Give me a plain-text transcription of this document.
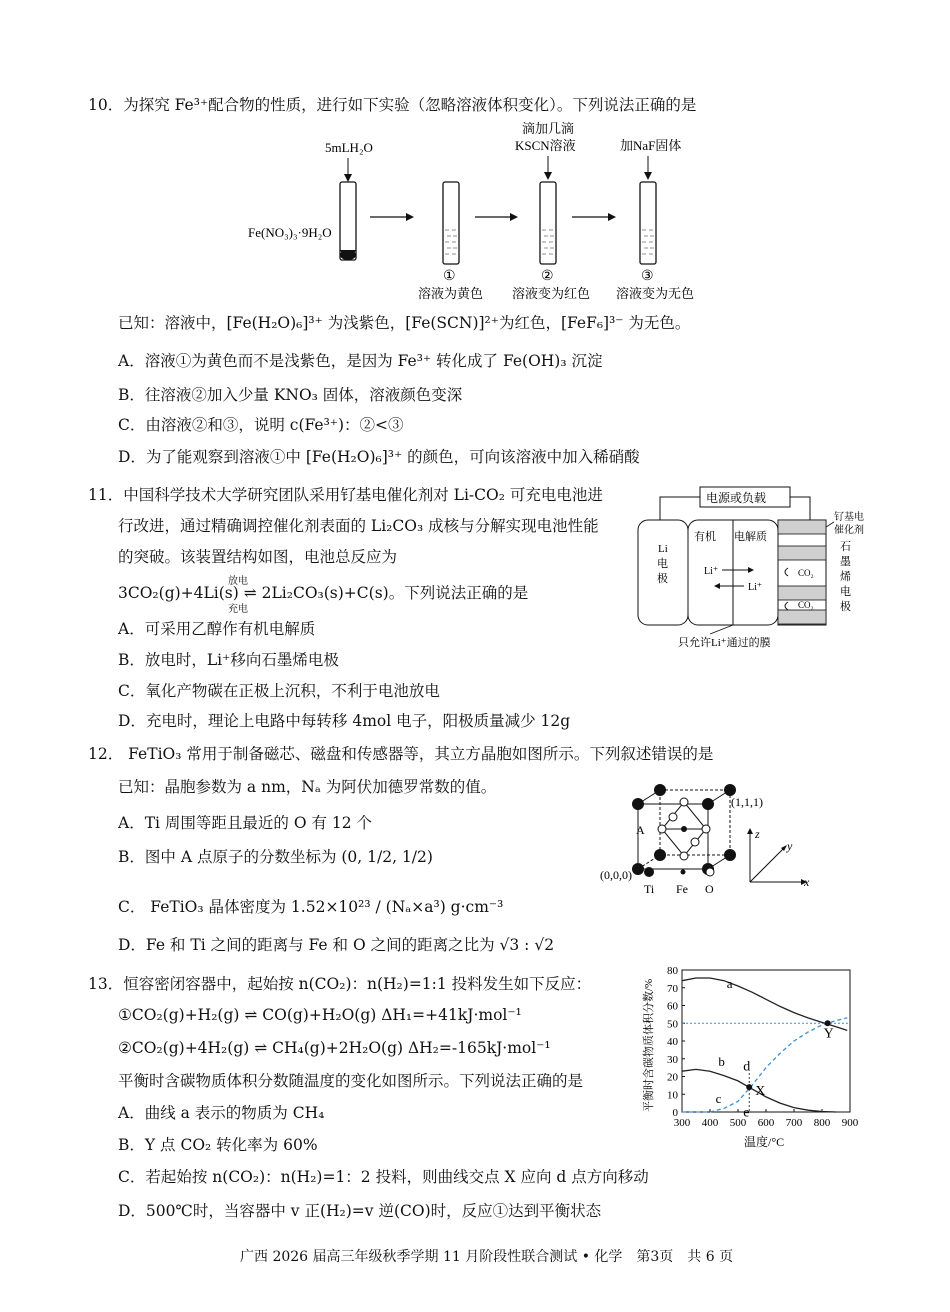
10．为探究 Fe³⁺配合物的性质，进行如下实验（忽略溶液体积变化）。下列说法正确的是
5mLH₂O
Fe(NO₃)₃·9H₂O
①
溶液为黄色
滴加几滴
KSCN溶液
②
溶液变为红色
加NaF固体
③
溶液变为无色
已知：溶液中，[Fe(H₂O)₆]³⁺ 为浅紫色，[Fe(SCN)]²⁺为红色，[FeF₆]³⁻ 为无色。
A．溶液①为黄色而不是浅紫色，是因为 Fe³⁺ 转化成了 Fe(OH)₃ 沉淀
B．往溶液②加入少量 KNO₃ 固体，溶液颜色变深
C．由溶液②和③，说明 c(Fe³⁺)：②<③
D．为了能观察到溶液①中 [Fe(H₂O)₆]³⁺ 的颜色，可向该溶液中加入稀硝酸
11．中国科学技术大学研究团队采用钌基电催化剂对 Li-CO₂ 可充电电池进
行改进，通过精确调控催化剂表面的 Li₂CO₃ 成核与分解实现电池性能
的突破。该装置结构如图，电池总反应为
放电
充电
3CO₂(g)+4Li(s) ⇌ 2Li₂CO₃(s)+C(s)。下列说法正确的是
A．可采用乙醇作有机电解质
B．放电时，Li⁺移向石墨烯电极
C．氧化产物碳在正极上沉积，不利于电池放电
D．充电时，理论上电路中每转移 4mol 电子，阳极质量减少 12g
电源或负载
Li
电
极
有机 电解质
Li⁺
Li⁺
CO₂
CO₂
钌基电
催化剂
石
墨
烯
电
极
只允许Li⁺通过的膜
12． FeTiO₃ 常用于制备磁芯、磁盘和传感器等，其立方晶胞如图所示。下列叙述错误的是
已知：晶胞参数为 a nm，Nₐ 为阿伏加德罗常数的值。
A．Ti 周围等距且最近的 O 有 12 个
B．图中 A 点原子的分数坐标为 (0, 1/2, 1/2)
C． FeTiO₃ 晶体密度为 1.52×10²³ / (Nₐ×a³) g·cm⁻³
D．Fe 和 Ti 之间的距离与 Fe 和 O 之间的距离之比为 √3 : √2
A
(1,1,1)
(0,0,0)
Ti Fe O
z
y
x
13．恒容密闭容器中，起始按 n(CO₂)：n(H₂)=1:1 投料发生如下反应：
①CO₂(g)+H₂(g) ⇌ CO(g)+H₂O(g) ΔH₁=+41kJ·mol⁻¹
②CO₂(g)+4H₂(g) ⇌ CH₄(g)+2H₂O(g) ΔH₂=-165kJ·mol⁻¹
平衡时含碳物质体积分数随温度的变化如图所示。下列说法正确的是
A．曲线 a 表示的物质为 CH₄
B．Y 点 CO₂ 转化率为 60%
C．若起始按 n(CO₂)：n(H₂)=1：2 投料，则曲线交点 X 应向 d 点方向移动
D．500℃时，当容器中 v 正(H₂)=v 逆(CO)时，反应①达到平衡状态
平衡时含碳物质体积分数/%
温度/°C
0
10
20
30
40
50
60
70
80
300 400 500 600 700 800 900
a
b
c X
Y
d
e
广西 2026 届高三年级秋季学期 11 月阶段性联合测试 • 化学　第3页　共 6 页
